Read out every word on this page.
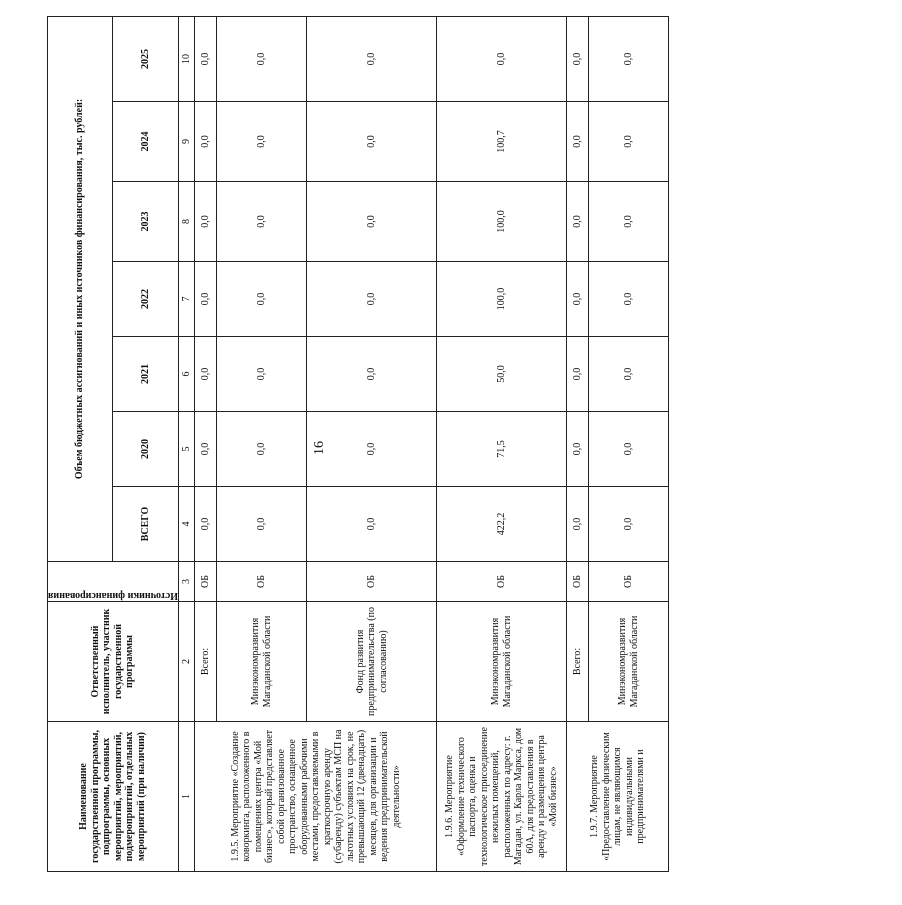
16
Наименование государственной программы, подпрограммы, основных мероприятий, мероприятий, подмероприятий, отдельных мероприятий (при наличии)	Ответственный исполнитель, участник государственной программы	Источники финансирования	Объем бюджетных ассигнований и иных источников финансирования, тыс. рублей:						
			ВСЕГО	2020	2021	2022	2023	2024	2025
1	2	3	4	5	6	7	8	9	10
1.9.5. Мероприятие «Создание коворкинга, расположенного в помещениях центра «Мой бизнес», который представляет собой организованное пространство, оснащенное оборудованными рабочими местами, предоставляемыми в краткосрочную аренду (субаренду) субъектам МСП на льготных условиях на срок, не превышающий 12 (двенадцать) месяцев, для организации и ведения предпринимательской деятельности»	Всего:	ОБ	0,0	0,0	0,0	0,0	0,0	0,0	0,0
	Минэкономразвития Магаданской области	ОБ	0,0	0,0	0,0	0,0	0,0	0,0	0,0
	Фонд развития предпринимательства (по согласованию)	ОБ	0,0	0,0	0,0	0,0	0,0	0,0	0,0
1.9.6. Мероприятие «Оформление технического паспорта, оценка и технологическое присоединение нежилых помещений, расположенных по адресу: г. Магадан, ул. Карла Маркса, дом 60А, для предоставления в аренду и размещения центра «Мой бизнес»	Минэкономразвития Магаданской области	ОБ	422,2	71,5	50,0	100,0	100,0	100,7	0,0
1.9.7. Мероприятие «Предоставление физическим лицам, не являющимся индивидуальными предпринимателями и	Всего:	ОБ	0,0	0,0	0,0	0,0	0,0	0,0	0,0
	Минэкономразвития Магаданской области	ОБ	0,0	0,0	0,0	0,0	0,0	0,0	0,0
